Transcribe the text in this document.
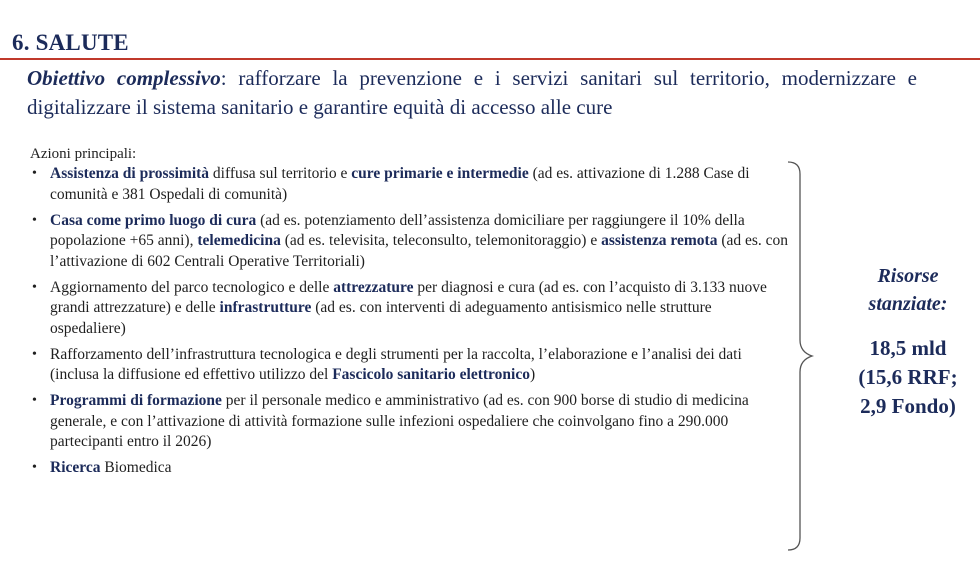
6. SALUTE
Obiettivo complessivo: rafforzare la prevenzione e i servizi sanitari sul territorio, modernizzare e digitalizzare il sistema sanitario e garantire equità di accesso alle cure
Azioni principali:
• Assistenza di prossimità diffusa sul territorio e cure primarie e intermedie (ad es. attivazione di 1.288 Case di comunità e 381 Ospedali di comunità)
• Casa come primo luogo di cura (ad es. potenziamento dell’assistenza domiciliare per raggiungere il 10% della popolazione +65 anni), telemedicina (ad es. televisita, teleconsulto, telemonitoraggio) e assistenza remota (ad es. con l’attivazione di 602 Centrali Operative Territoriali)
• Aggiornamento del parco tecnologico e delle attrezzature per diagnosi e cura (ad es. con l’acquisto di 3.133 nuove grandi attrezzature) e delle infrastrutture (ad es. con interventi di adeguamento antisismico nelle strutture ospedaliere)
• Rafforzamento dell’infrastruttura tecnologica e degli strumenti per la raccolta, l’elaborazione e l’analisi dei dati (inclusa la diffusione ed effettivo utilizzo del Fascicolo sanitario elettronico)
• Programmi di formazione per il personale medico e amministrativo (ad es. con 900 borse di studio di medicina generale, e con l’attivazione di attività formazione sulle infezioni ospedaliere che coinvolgano fino a 290.000 partecipanti entro il 2026)
• Ricerca Biomedica
Risorse
stanziate:
18,5 mld
(15,6 RRF;
2,9 Fondo)
